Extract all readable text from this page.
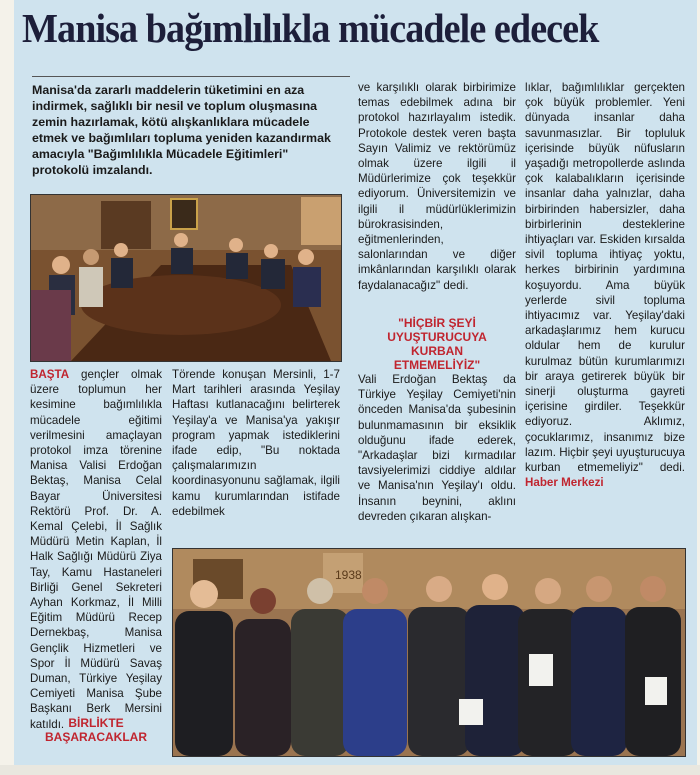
Manisa bağımlılıkla mücadele edecek
Manisa'da zararlı maddelerin tüketimini en aza indirmek, sağlıklı bir nesil ve toplum oluşmasına zemin hazırlamak, kötü alışkanlıklara mücadele etmek ve bağımlıları topluma yeniden kazandırmak amacıyla "Bağımlılıkla Mücadele Eğitimleri" protokolü imzalandı.
BAŞTA gençler olmak üzere toplumun her kesimine bağımlılıkla mücadele eğitimi verilmesini amaçlayan protokol imza törenine Manisa Valisi Erdoğan Bektaş, Manisa Celal Bayar Üniversitesi Rektörü Prof. Dr. A. Kemal Çelebi, İl Sağlık Müdürü Metin Kaplan, İl Halk Sağlığı Müdürü Ziya Tay, Kamu Hastaneleri Birliği Genel Sekreteri Ayhan Korkmaz, İl Milli Eğitim Müdürü Recep Dernekbaş, Manisa Gençlik Hizmetleri ve Spor İl Müdürü Savaş Duman, Türkiye Yeşilay Cemiyeti Manisa Şube Başkanı Berk Mersini katıldı. BİRLİKTE BAŞARACAKLAR
Törende konuşan Mersinli, 1-7 Mart tarihleri arasında Yeşilay Haftası kutlanacağını belirterek Yeşilay'a ve Manisa'ya yakışır program yapmak istediklerini ifade edip, "Bu noktada çalışmalarımızın koordinasyonunu sağlamak, ilgili kamu kurumlarından istifade edebilmek
ve karşılıklı olarak birbirimize temas edebilmek adına bir protokol hazırlayalım istedik. Protokole destek veren başta Sayın Valimiz ve rektörümüz olmak üzere ilgili il Müdürlerimize çok teşekkür ediyorum. Üniversitemizin ve ilgili il müdürlüklerimizin bürokrasisinden, eğitmenlerinden, salonlarından ve diğer imkânlarından karşılıklı olarak faydalanacağız" dedi.
"HİÇBİR ŞEYİ UYUŞTURUCUYA KURBAN ETMEMELİYİZ"
Vali Erdoğan Bektaş da Türkiye Yeşilay Cemiyeti'nin önceden Manisa'da şubesinin bulunmamasının bir eksiklik olduğunu ifade ederek, "Arkadaşlar bizi kırmadılar tavsiyelerimizi ciddiye aldılar ve Manisa'nın Yeşilay'ı oldu. İnsanın beynini, aklını devreden çıkaran alışkan-
lıklar, bağımlılıklar gerçekten çok büyük problemler. Yeni dünyada insanlar daha savunmasızlar. Bir topluluk içerisinde büyük nüfusların yaşadığı metropollerde aslında çok kalabalıkların içerisinde insanlar daha yalnızlar, daha birbirinden habersizler, daha birbirlerinin desteklerine ihtiyaçları var. Eskiden kırsalda sivil topluma ihtiyaç yoktu, herkes birbirinin yardımına koşuyordu. Ama büyük yerlerde sivil topluma ihtiyacımız var. Yeşilay'daki arkadaşlarımız hem kurucu oldular hem de kurulur kurulmaz bütün kurumlarımızı bir araya getirerek büyük bir sinerji oluşturma gayreti içerisine girdiler. Teşekkür ediyoruz. Aklımız, çocuklarımız, insanımız bize lazım. Hiçbir şeyi uyuşturucuya kurban etmemeliyiz" dedi. Haber Merkezi
1938
